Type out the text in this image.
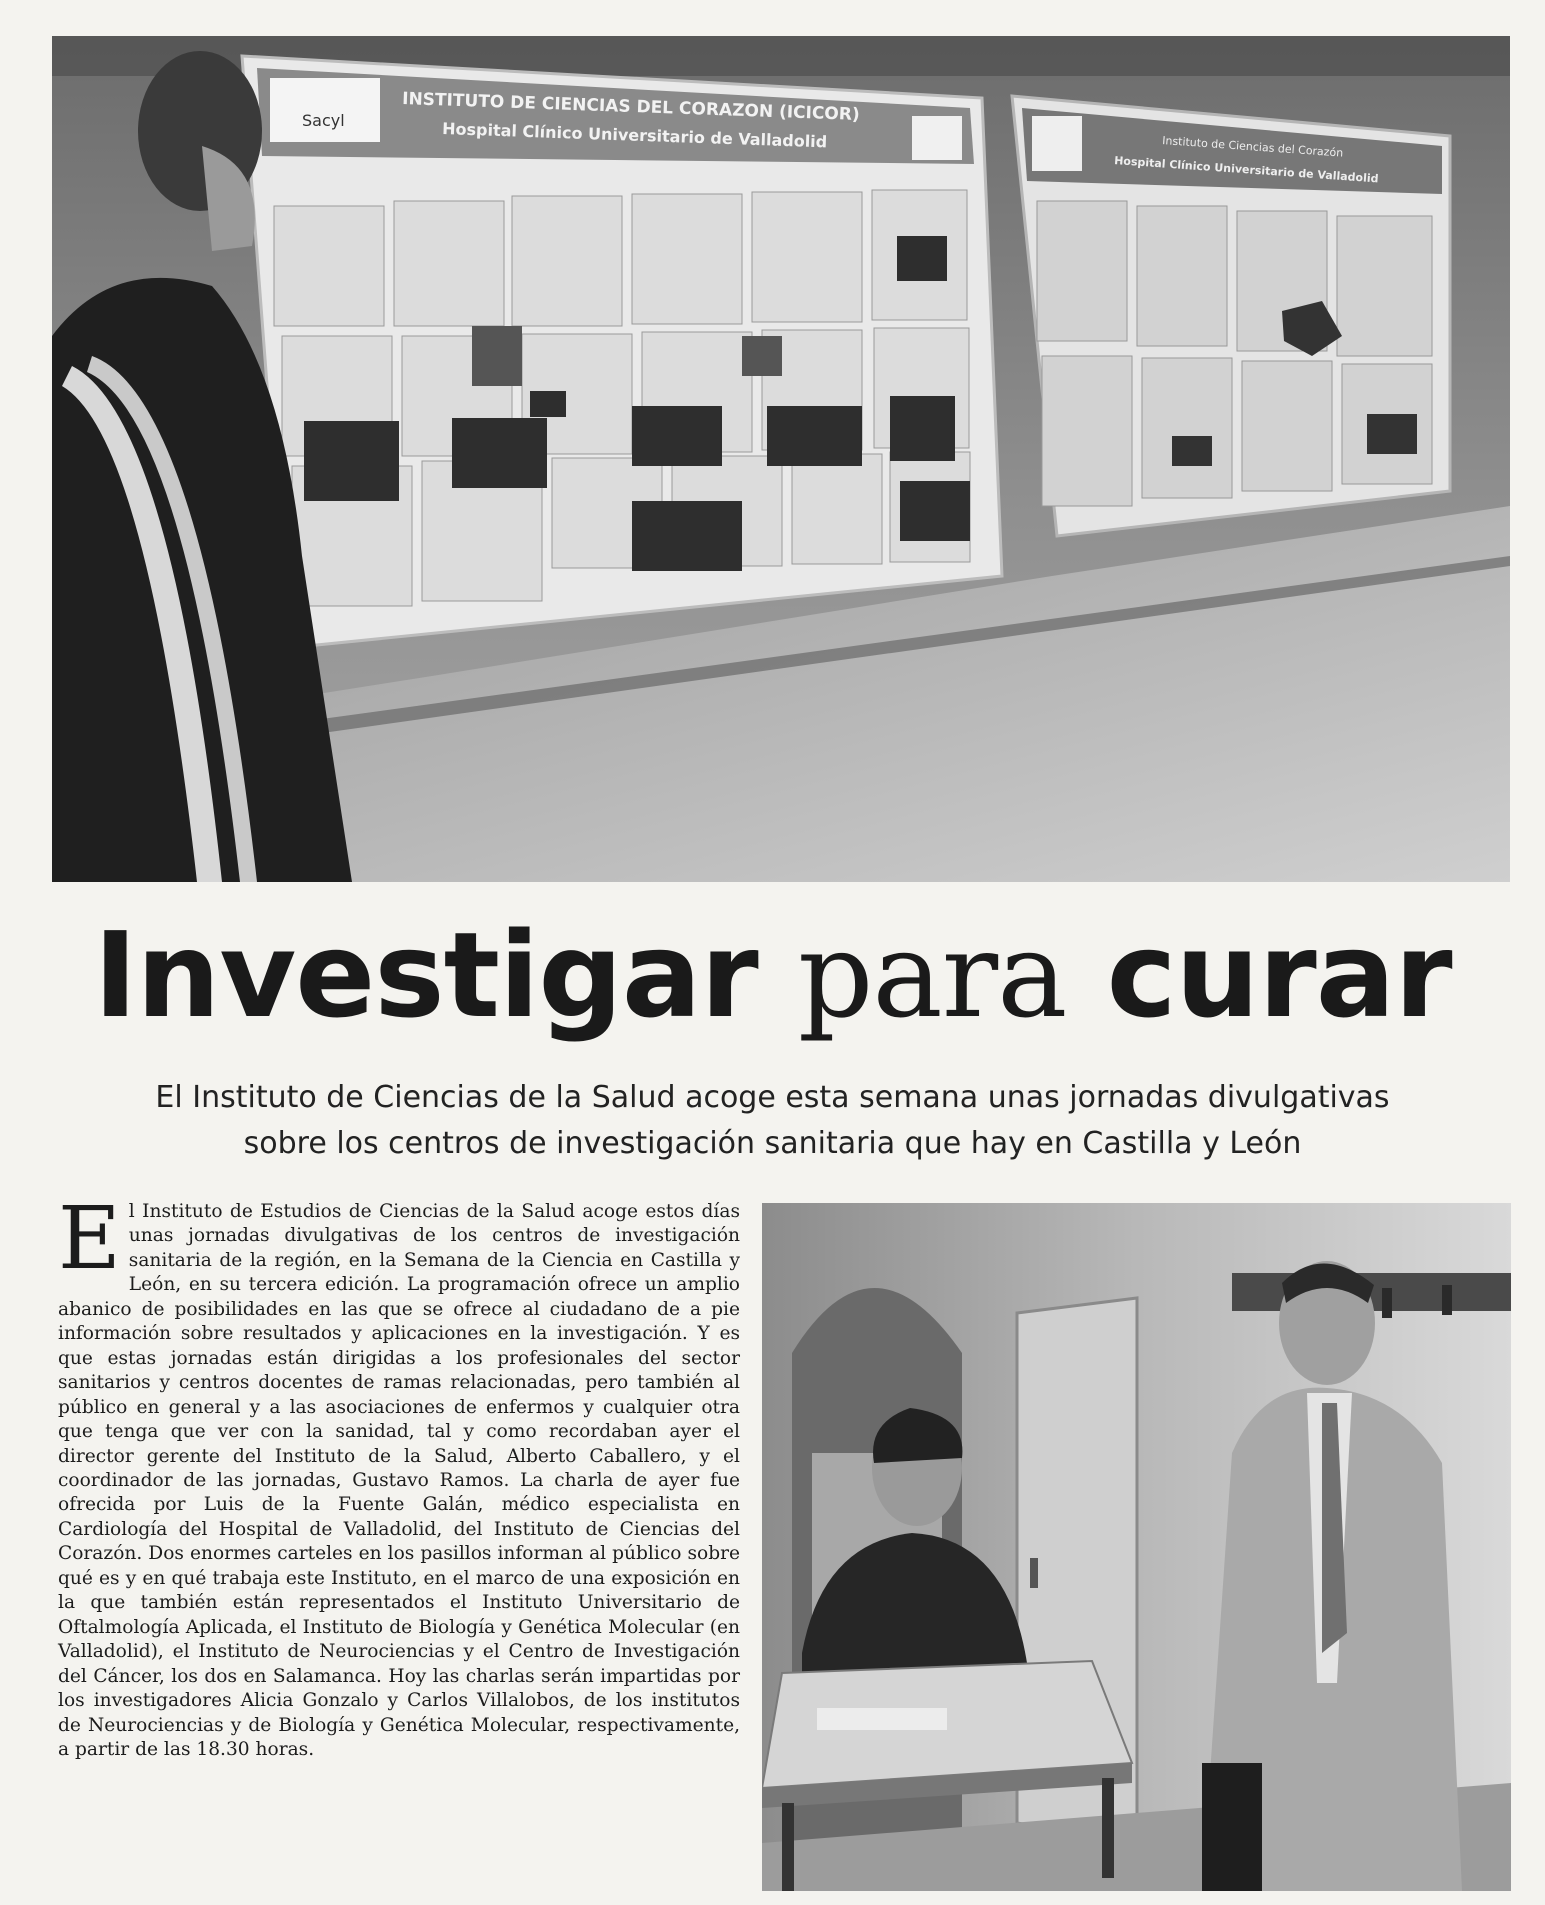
Sacyl	INSTITUTO DE CIENCIAS DEL CORAZON (ICICOR)
Hospital Clínico Universitario de Valladolid	Instituto de Ciencias del Corazón
Hospital Clínico Universitario de Valladolid
Investigar para curar

El Instituto de Ciencias de la Salud acoge esta semana unas jornadas divulgativas
sobre los centros de investigación sanitaria que hay en Castilla y León

El Instituto de Estudios de Ciencias de la Salud acoge estos días unas jornadas divulgativas de los centros de investigación sanitaria de la región, en la Semana de la Ciencia en Castilla y León, en su tercera edición. La programación ofrece un amplio abanico de posibilidades en las que se ofrece al ciudadano de a pie información sobre resultados y aplicaciones en la investigación. Y es que estas jornadas están dirigidas a los profesionales del sector sanitarios y centros docentes de ramas relacionadas, pero también al público en general y a las asociaciones de enfermos y cualquier otra que tenga que ver con la sanidad, tal y como recordaban ayer el director gerente del Instituto de la Salud, Alberto Caballero, y el coordinador de las jornadas, Gustavo Ramos. La charla de ayer fue ofrecida por Luis de la Fuente Galán, médico especialista en Cardiología del Hospital de Valladolid, del Instituto de Ciencias del Corazón. Dos enormes carteles en los pasillos informan al público sobre qué es y en qué trabaja este Instituto, en el marco de una exposición en la que también están representados el Instituto Universitario de Oftalmología Aplicada, el Instituto de Biología y Genética Molecular (en Valladolid), el Instituto de Neurociencias y el Centro de Investigación del Cáncer, los dos en Salamanca. Hoy las charlas serán impartidas por los investigadores Alicia Gonzalo y Carlos Villalobos, de los institutos de Neurociencias y de Biología y Genética Molecular, respectivamente, a partir de las 18.30 horas.
